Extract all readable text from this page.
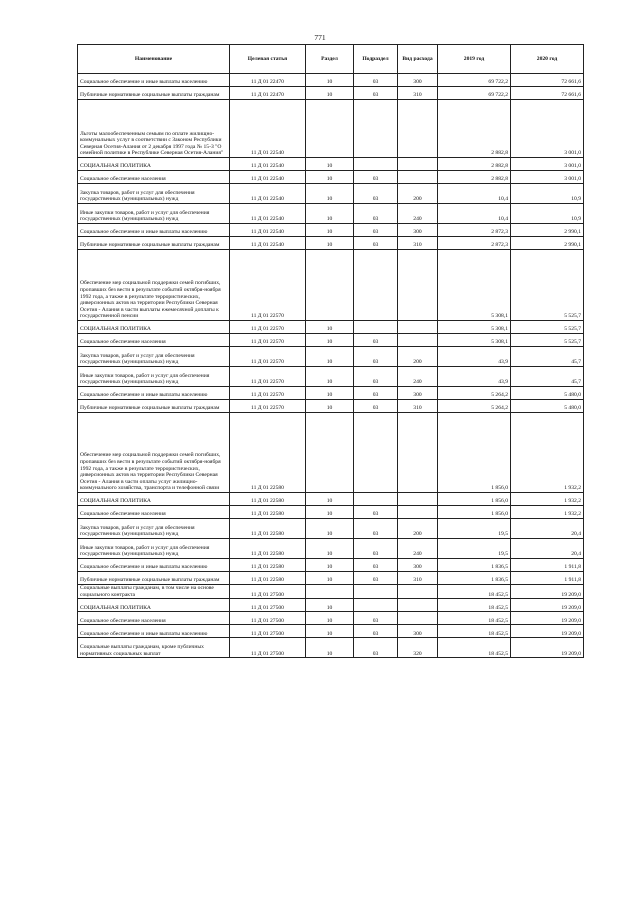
771
Наименование	Целевая статья	Раздел	Подраздел	Вид расхода	2019 год	2020 год
Социальное обеспечение и иные выплаты населению	11 Д 01 22470	10	03	300	69 722,2	72 661,6
Публичные нормативные социальные выплаты гражданам	11 Д 01 22470	10	03	310	69 722,2	72 661,6
Льготы малообеспеченным семьям по оплате жилищно-коммунальных услуг в соответствии с Законом Республики Северная Осетия-Алания от 2 декабря 1997 года № 15-З "О семейной политике в Республике Северная Осетия-Алания"	11 Д 01 22540				2 882,8	3 001,0
СОЦИАЛЬНАЯ ПОЛИТИКА	11 Д 01 22540	10			2 882,8	3 001,0
Социальное обеспечение населения	11 Д 01 22540	10	03		2 882,8	3 001,0
Закупка товаров, работ и услуг для обеспечения государственных (муниципальных) нужд	11 Д 01 22540	10	03	200	10,4	10,9
Иные закупки товаров, работ и услуг для обеспечения государственных (муниципальных) нужд	11 Д 01 22540	10	03	240	10,4	10,9
Социальное обеспечение и иные выплаты населению	11 Д 01 22540	10	03	300	2 872,3	2 990,1
Публичные нормативные социальные выплаты гражданам	11 Д 01 22540	10	03	310	2 872,3	2 990,1
Обеспечение мер социальной поддержки семей погибших, пропавших без вести в результате событий октября-ноября 1992 года, а также в результате террористических, диверсионных актов на территории Республики Северная Осетия - Алания в части выплаты ежемесячной доплаты к государственной пенсии	11 Д 01 22570				5 308,1	5 525,7
СОЦИАЛЬНАЯ ПОЛИТИКА	11 Д 01 22570	10			5 308,1	5 525,7
Социальное обеспечение населения	11 Д 01 22570	10	03		5 308,1	5 525,7
Закупка товаров, работ и услуг для обеспечения государственных (муниципальных) нужд	11 Д 01 22570	10	03	200	43,9	45,7
Иные закупки товаров, работ и услуг для обеспечения государственных (муниципальных) нужд	11 Д 01 22570	10	03	240	43,9	45,7
Социальное обеспечение и иные выплаты населению	11 Д 01 22570	10	03	300	5 264,2	5 480,0
Публичные нормативные социальные выплаты гражданам	11 Д 01 22570	10	03	310	5 264,2	5 480,0
Обеспечение мер социальной поддержки семей погибших, пропавших без вести в результате событий октября-ноября 1992 года, а также в результате террористических, диверсионных актов на территории Республики Северная Осетия - Алания в части оплаты услуг жилищно-коммунального хозяйства, транспорта и телефонной связи	11 Д 01 22580				1 856,0	1 932,2
СОЦИАЛЬНАЯ ПОЛИТИКА	11 Д 01 22580	10			1 856,0	1 932,2
Социальное обеспечение населения	11 Д 01 22580	10	03		1 856,0	1 932,2
Закупка товаров, работ и услуг для обеспечения государственных (муниципальных) нужд	11 Д 01 22580	10	03	200	19,5	20,4
Иные закупки товаров, работ и услуг для обеспечения государственных (муниципальных) нужд	11 Д 01 22580	10	03	240	19,5	20,4
Социальное обеспечение и иные выплаты населению	11 Д 01 22580	10	03	300	1 836,5	1 911,8
Публичные нормативные социальные выплаты гражданам	11 Д 01 22580	10	03	310	1 836,5	1 911,8
Социальные выплаты гражданам, в том числе на основе социального контракта	11 Д 01 27500				18 452,5	19 209,0
СОЦИАЛЬНАЯ ПОЛИТИКА	11 Д 01 27500	10			18 452,5	19 209,0
Социальное обеспечение населения	11 Д 01 27500	10	03		18 452,5	19 209,0
Социальное обеспечение и иные выплаты населению	11 Д 01 27500	10	03	300	18 452,5	19 209,0
Социальные выплаты гражданам, кроме публичных нормативных социальных выплат	11 Д 01 27500	10	03	320	18 452,5	19 209,0
